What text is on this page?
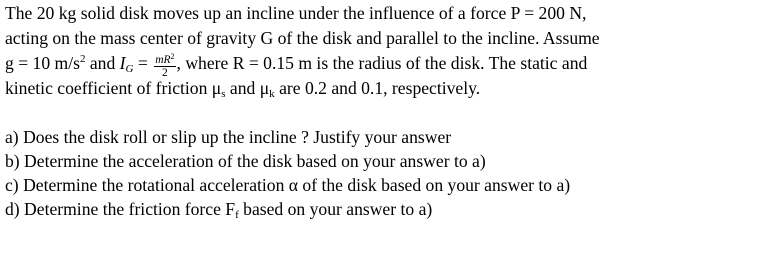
The 20 kg solid disk moves up an incline under the influence of a force P = 200 N,
acting on the mass center of gravity G of the disk and parallel to the incline. Assume
g = 10 $m/s^2$ and $I_G = \frac{mR^2}{2}$ , where R = 0.15 m is the radius of the disk. The static and
kinetic coefficient of friction $\mu_s$ and $\mu_k$ are 0.2 and 0.1, respectively.
a) Does the disk roll or slip up the incline ? Justify your answer
b) Determine the acceleration of the disk based on your answer to a)
c) Determine the rotational acceleration α of the disk based on your answer to a)
d) Determine the friction force $F_f$ based on your answer to a)
